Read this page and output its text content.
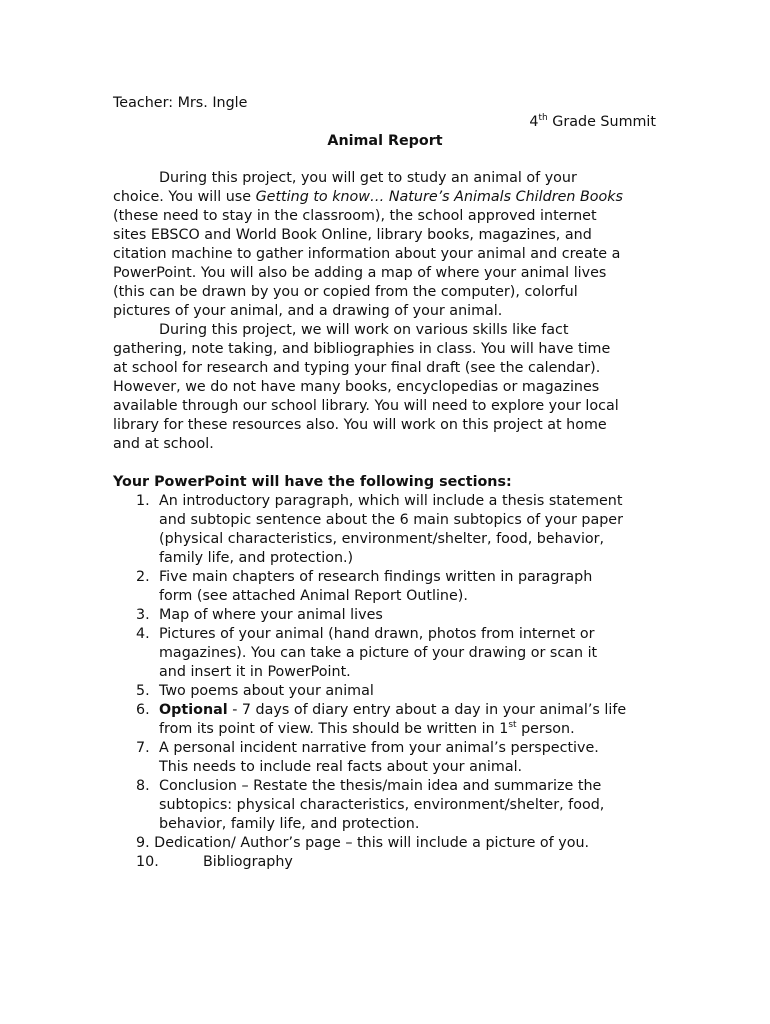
Teacher: Mrs. Ingle
4th Grade Summit
Animal Report
During this project, you will get to study an animal of your
choice. You will use Getting to know… Nature’s Animals Children Books
(these need to stay in the classroom), the school approved internet
sites EBSCO and World Book Online, library books, magazines, and
citation machine to gather information about your animal and create a
PowerPoint. You will also be adding a map of where your animal lives
(this can be drawn by you or copied from the computer), colorful
pictures of your animal, and a drawing of your animal.
During this project, we will work on various skills like fact
gathering, note taking, and bibliographies in class. You will have time
at school for research and typing your final draft (see the calendar).
However, we do not have many books, encyclopedias or magazines
available through our school library. You will need to explore your local
library for these resources also. You will work on this project at home
and at school.
Your PowerPoint will have the following sections:
1. An introductory paragraph, which will include a thesis statement
and subtopic sentence about the 6 main subtopics of your paper
(physical characteristics, environment/shelter, food, behavior,
family life, and protection.)
2. Five main chapters of research findings written in paragraph
form (see attached Animal Report Outline).
3. Map of where your animal lives
4. Pictures of your animal (hand drawn, photos from internet or
magazines). You can take a picture of your drawing or scan it
and insert it in PowerPoint.
5. Two poems about your animal
6. Optional - 7 days of diary entry about a day in your animal’s life
from its point of view. This should be written in 1st person.
7. A personal incident narrative from your animal’s perspective.
This needs to include real facts about your animal.
8. Conclusion – Restate the thesis/main idea and summarize the
subtopics: physical characteristics, environment/shelter, food,
behavior, family life, and protection.
9. Dedication/ Author’s page – this will include a picture of you.
10.	Bibliography
